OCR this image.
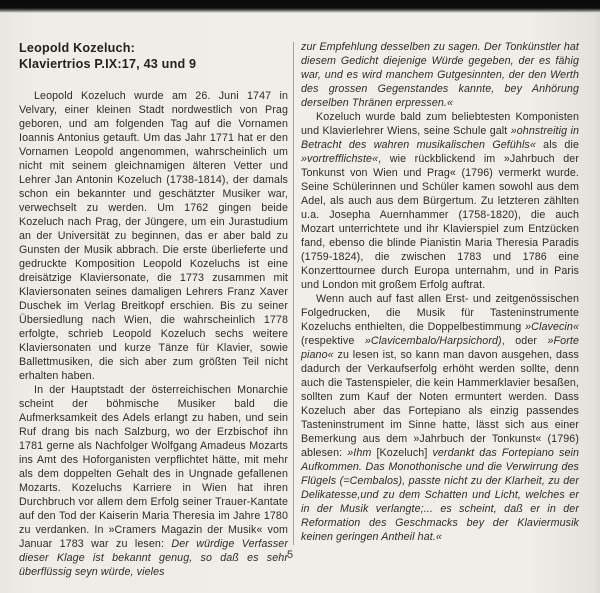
Leopold Kozeluch:
Klaviertrios P.IX:17, 43 und 9

Leopold Kozeluch wurde am 26. Juni 1747 in Velvary, einer kleinen Stadt nordwestlich von Prag geboren, und am folgenden Tag auf die Vornamen Ioannis Antonius getauft. Um das Jahr 1771 hat er den Vornamen Leopold angenommen, wahrscheinlich um nicht mit seinem gleichnamigen älteren Vetter und Lehrer Jan Antonin Kozeluch (1738-1814), der damals schon ein bekannter und geschätzter Musiker war, verwechselt zu werden. Um 1762 gingen beide Kozeluch nach Prag, der Jüngere, um ein Jurastudium an der Universität zu beginnen, das er aber bald zu Gunsten der Musik abbrach. Die erste überlieferte und gedruckte Komposition Leopold Kozeluchs ist eine dreisätzige Klaviersonate, die 1773 zusammen mit Klaviersonaten seines damaligen Lehrers Franz Xaver Duschek im Verlag Breitkopf erschien. Bis zu seiner Übersiedlung nach Wien, die wahrscheinlich 1778 erfolgte, schrieb Leopold Kozeluch sechs weitere Klaviersonaten und kurze Tänze für Klavier, sowie Ballettmusiken, die sich aber zum größten Teil nicht erhalten haben.

In der Hauptstadt der österreichischen Monarchie scheint der böhmische Musiker bald die Aufmerksamkeit des Adels erlangt zu haben, und sein Ruf drang bis nach Salzburg, wo der Erzbischof ihn 1781 gerne als Nachfolger Wolfgang Amadeus Mozarts ins Amt des Hoforganisten verpflichtet hätte, mit mehr als dem doppelten Gehalt des in Ungnade gefallenen Mozarts. Kozeluchs Karriere in Wien hat ihren Durchbruch vor allem dem Erfolg seiner Trauer-Kantate auf den Tod der Kaiserin Maria Theresia im Jahre 1780 zu verdanken. In »Cramers Magazin der Musik« vom Januar 1783 war zu lesen: Der würdige Verfasser dieser Klage ist bekannt genug, so daß es sehr überflüssig seyn würde, vieles

zur Empfehlung desselben zu sagen. Der Tonkünstler hat diesem Gedicht diejenige Würde gegeben, der es fähig war, und es wird manchem Gutgesinnten, der den Werth des grossen Gegenstandes kannte, bey Anhörung derselben Thränen erpressen.«

Kozeluch wurde bald zum beliebtesten Komponisten und Klavierlehrer Wiens, seine Schule galt »ohnstreitig in Betracht des wahren musikalischen Gefühls« als die »vortrefflichste«, wie rückblickend im »Jahrbuch der Tonkunst von Wien und Prag« (1796) vermerkt wurde. Seine Schülerinnen und Schüler kamen sowohl aus dem Adel, als auch aus dem Bürgertum. Zu letzteren zählten u.a. Josepha Auernhammer (1758-1820), die auch Mozart unterrichtete und ihr Klavierspiel zum Entzücken fand, ebenso die blinde Pianistin Maria Theresia Paradis (1759-1824), die zwischen 1783 und 1786 eine Konzerttournee durch Europa unternahm, und in Paris und London mit großem Erfolg auftrat.

Wenn auch auf fast allen Erst- und zeitgenössischen Folgedrucken, die Musik für Tasteninstrumente Kozeluchs enthielten, die Doppelbestimmung »Clavecin« (respektive »Clavicembalo/Harpsichord), oder »Forte piano« zu lesen ist, so kann man davon ausgehen, dass dadurch der Verkaufserfolg erhöht werden sollte, denn auch die Tastenspieler, die kein Hammerklavier besaßen, sollten zum Kauf der Noten ermuntert werden. Dass Kozeluch aber das Fortepiano als einzig passendes Tasteninstrument im Sinne hatte, lässt sich aus einer Bemerkung aus dem »Jahrbuch der Tonkunst« (1796) ablesen: »Ihm [Kozeluch] verdankt das Fortepiano sein Aufkommen. Das Monothonische und die Verwirrung des Flügels (=Cembalos), passte nicht zu der Klarheit, zu der Delikatesse,und zu dem Schatten und Licht, welches er in der Musik verlangte;... es scheint, daß er in der Reformation des Geschmacks bey der Klaviermusik keinen geringen Antheil hat.«

5
